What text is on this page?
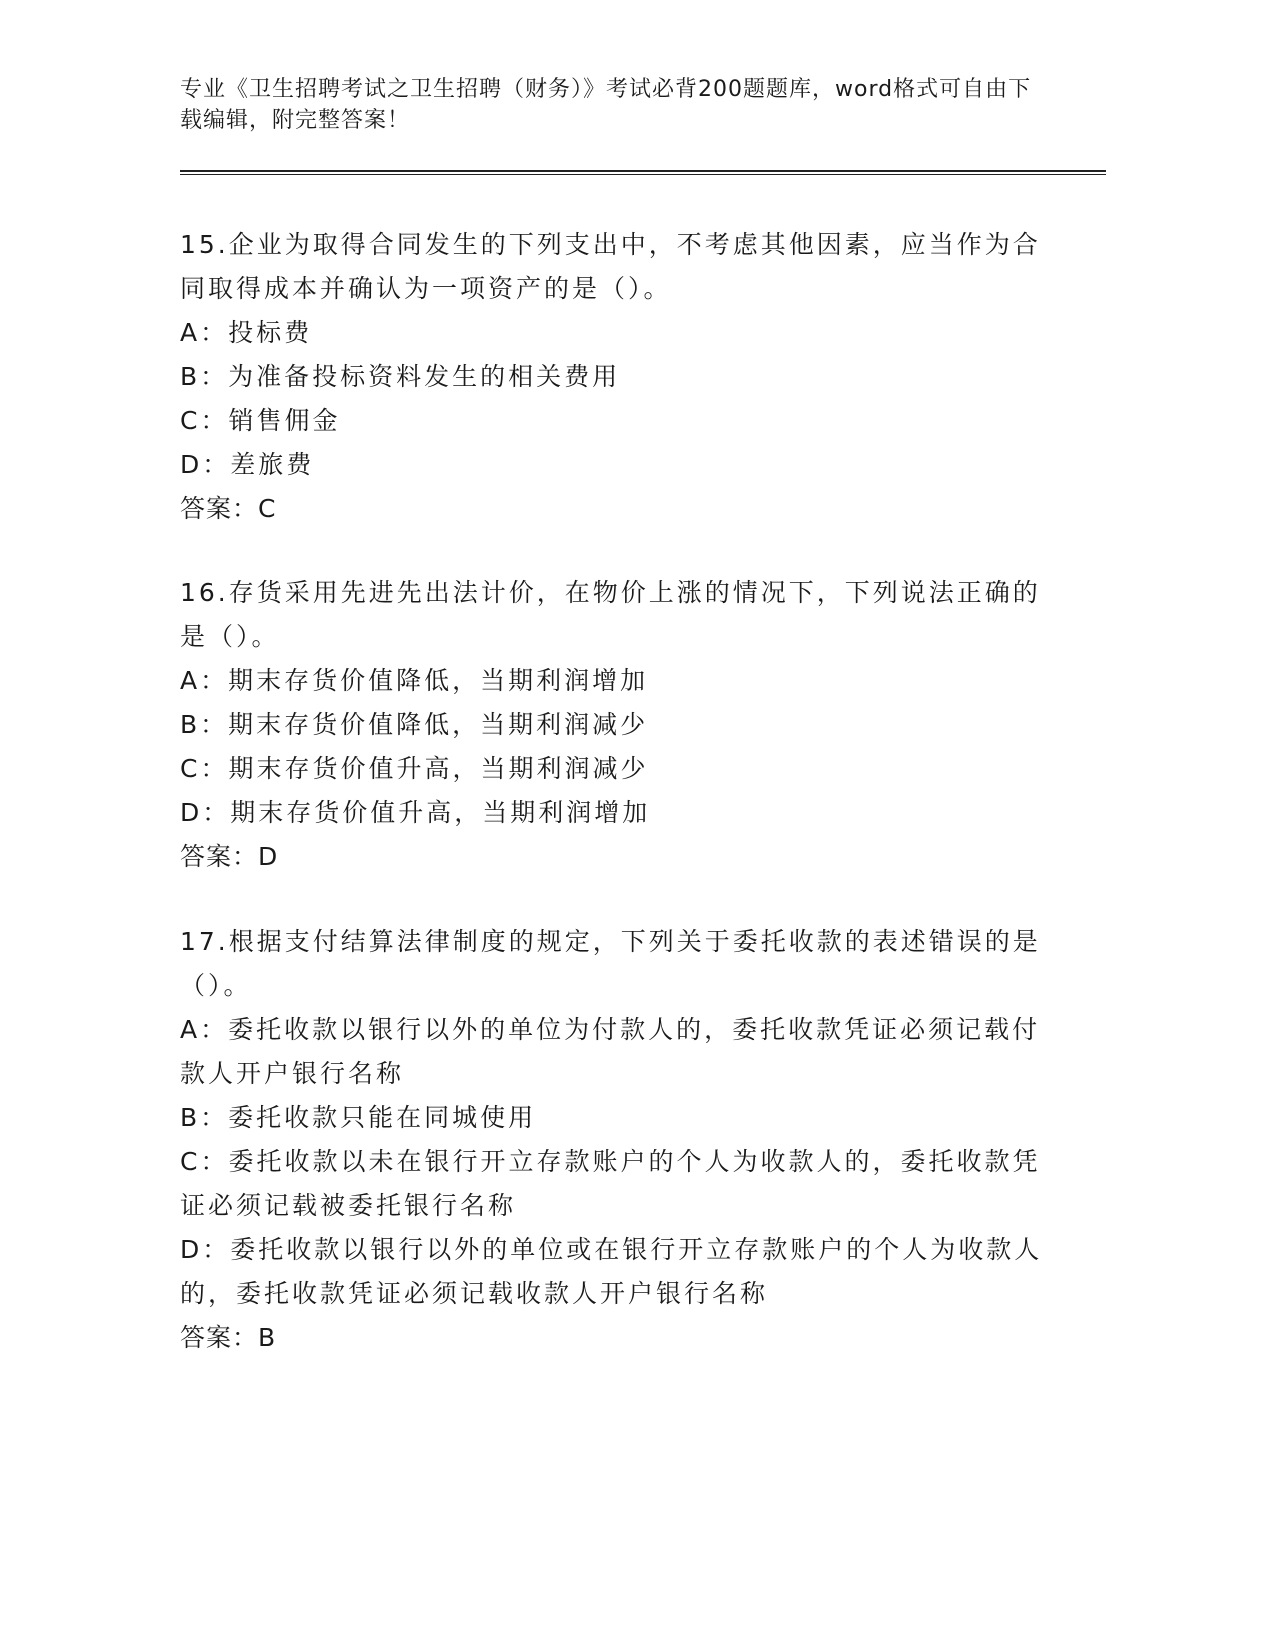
专业《卫生招聘考试之卫生招聘（财务）》考试必背200题题库，word格式可自由下载编辑，附完整答案！

15.企业为取得合同发生的下列支出中，不考虑其他因素，应当作为合同取得成本并确认为一项资产的是（）。

A：投标费

B：为准备投标资料发生的相关费用

C：销售佣金

D：差旅费

答案：C

16.存货采用先进先出法计价，在物价上涨的情况下，下列说法正确的是（）。

A：期末存货价值降低，当期利润增加

B：期末存货价值降低，当期利润减少

C：期末存货价值升高，当期利润减少

D：期末存货价值升高，当期利润增加

答案：D

17.根据支付结算法律制度的规定，下列关于委托收款的表述错误的是（）。

A：委托收款以银行以外的单位为付款人的，委托收款凭证必须记载付款人开户银行名称

B：委托收款只能在同城使用

C：委托收款以未在银行开立存款账户的个人为收款人的，委托收款凭证必须记载被委托银行名称

D：委托收款以银行以外的单位或在银行开立存款账户的个人为收款人的，委托收款凭证必须记载收款人开户银行名称

答案：B
